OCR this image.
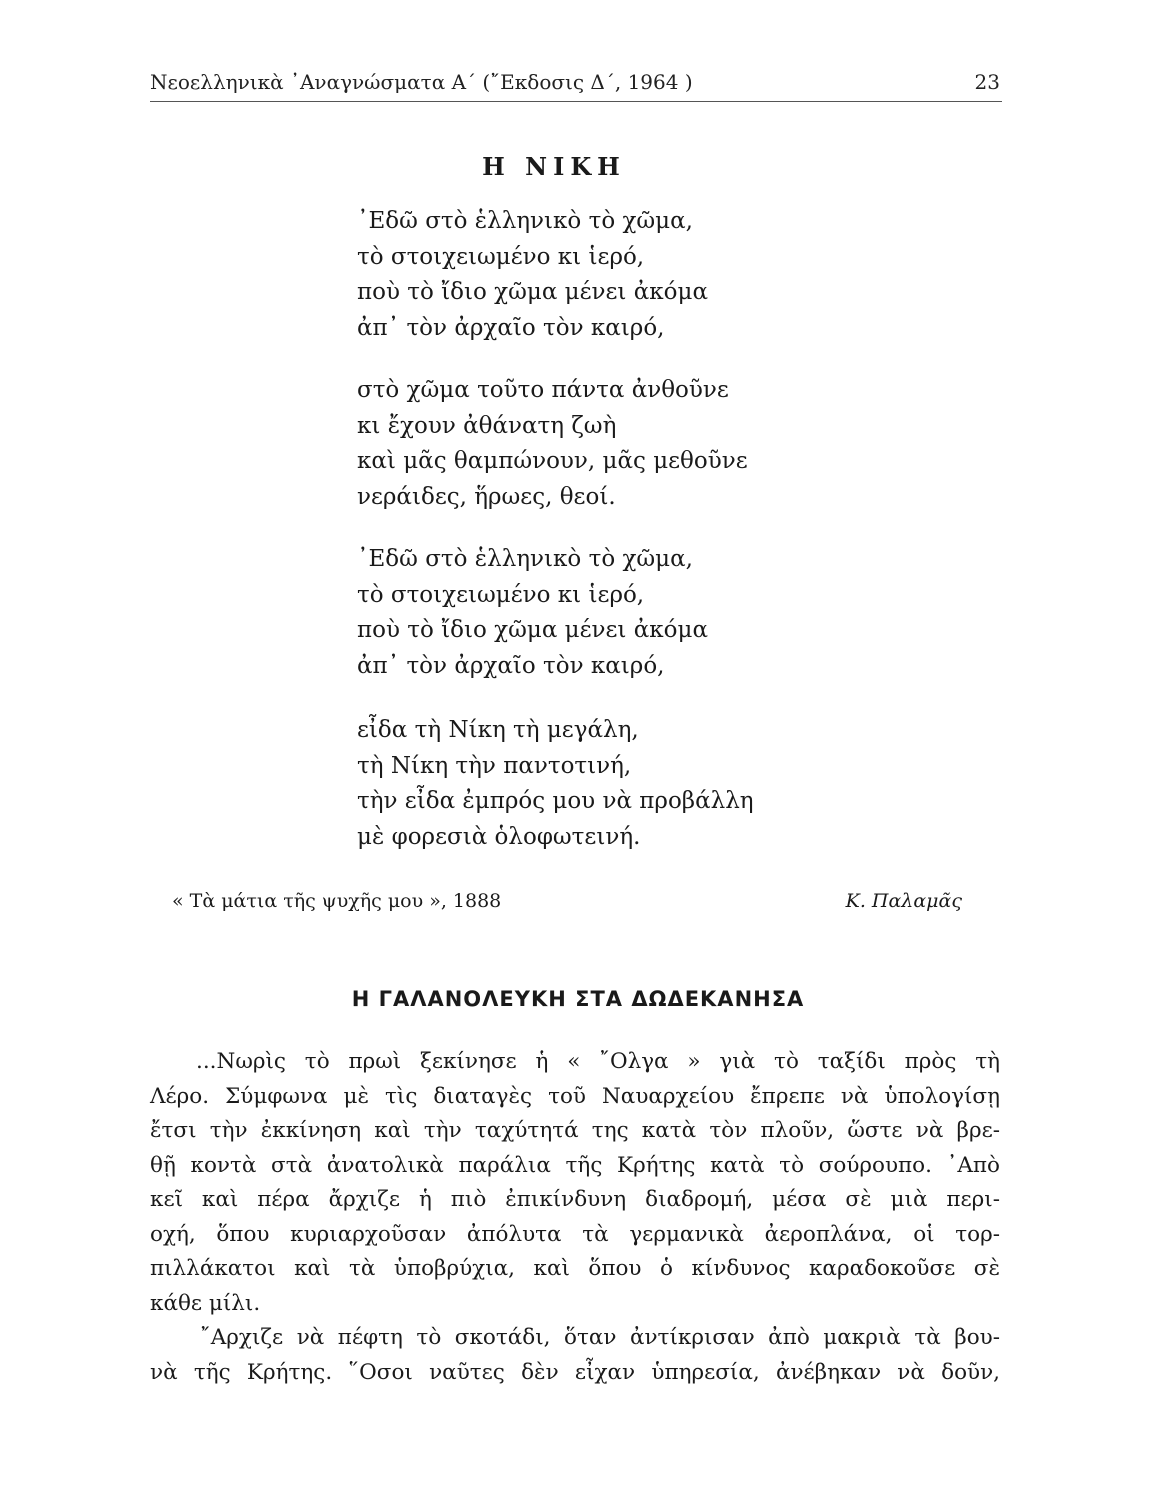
Νεοελληνικὰ ᾿Αναγνώσματα Α΄ (῎Εκδοσις Δ΄, 1964 )	23
Η ΝΙΚΗ
᾿Εδῶ στὸ ἑλληνικὸ τὸ χῶμα,
τὸ στοιχειωμένο κι ἱερό,
ποὺ τὸ ἴδιο χῶμα μένει ἀκόμα
ἀπ᾿ τὸν ἀρχαῖο τὸν καιρό,
στὸ χῶμα τοῦτο πάντα ἀνθοῦνε
κι ἔχουν ἀθάνατη ζωὴ
καὶ μᾶς θαμπώνουν, μᾶς μεθοῦνε
νεράιδες, ἥρωες, θεοί.
᾿Εδῶ στὸ ἑλληνικὸ τὸ χῶμα,
τὸ στοιχειωμένο κι ἱερό,
ποὺ τὸ ἴδιο χῶμα μένει ἀκόμα
ἀπ᾿ τὸν ἀρχαῖο τὸν καιρό,
εἶδα τὴ Νίκη τὴ μεγάλη,
τὴ Νίκη τὴν παντοτινή,
τὴν εἶδα ἐμπρός μου νὰ προβάλλη
μὲ φορεσιὰ ὁλοφωτεινή.
« Τὰ μάτια τῆς ψυχῆς μου », 1888	Κ. Παλαμᾶς
Η ΓΑΛΑΝΟΛΕΥΚΗ ΣΤΑ ΔΩΔΕΚΑΝΗΣΑ
...Νωρὶς τὸ πρωὶ ξεκίνησε ἡ « ῎Ολγα » γιὰ τὸ ταξίδι πρὸς τὴ
Λέρο. Σύμφωνα μὲ τὶς διαταγὲς τοῦ Ναυαρχείου ἔπρεπε νὰ ὑπολογίσῃ
ἔτσι τὴν ἐκκίνηση καὶ τὴν ταχύτητά της κατὰ τὸν πλοῦν, ὥστε νὰ βρε-
θῇ κοντὰ στὰ ἀνατολικὰ παράλια τῆς Κρήτης κατὰ τὸ σούρουπο. ᾿Απὸ
κεῖ καὶ πέρα ἄρχιζε ἡ πιὸ ἐπικίνδυνη διαδρομή, μέσα σὲ μιὰ περι-
οχή, ὅπου κυριαρχοῦσαν ἀπόλυτα τὰ γερμανικὰ ἀεροπλάνα, οἱ τορ-
πιλλάκατοι καὶ τὰ ὑποβρύχια, καὶ ὅπου ὁ κίνδυνος καραδοκοῦσε σὲ
κάθε μίλι.
῎Αρχιζε νὰ πέφτη τὸ σκοτάδι, ὅταν ἀντίκρισαν ἀπὸ μακριὰ τὰ βου-
νὰ τῆς Κρήτης. ῞Οσοι ναῦτες δὲν εἶχαν ὑπηρεσία, ἀνέβηκαν νὰ δοῦν,
